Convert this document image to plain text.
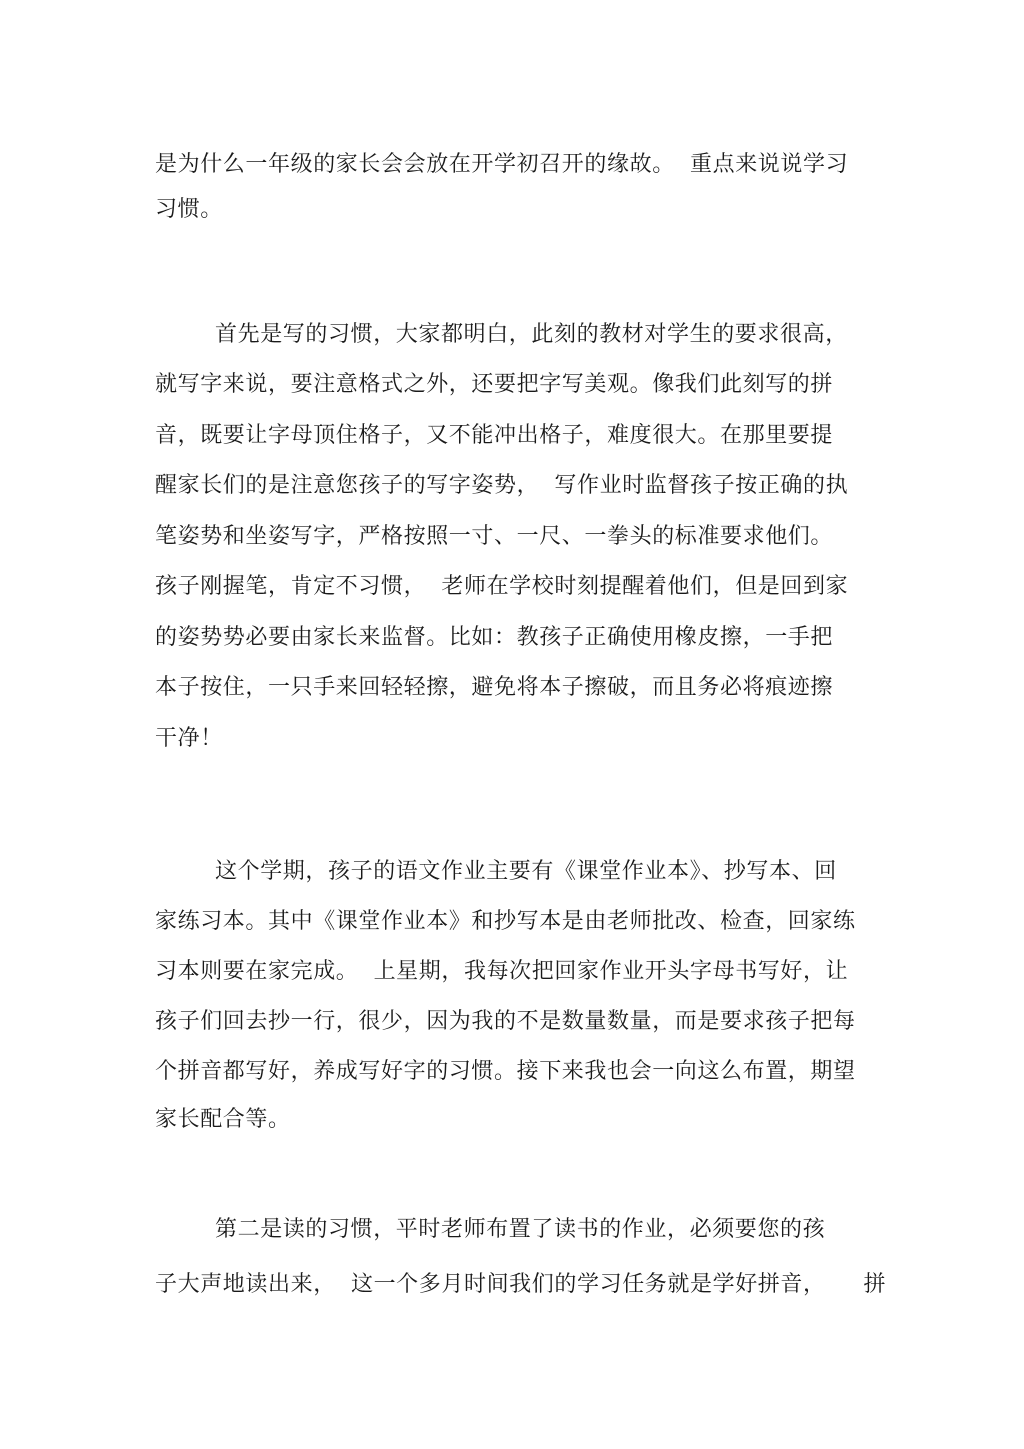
是为什么一年级的家长会会放在开学初召开的缘故。  重点来说说学习
习惯。
首先是写的习惯，大家都明白，此刻的教材对学生的要求很高，
就写字来说，要注意格式之外，还要把字写美观。像我们此刻写的拼
音，既要让字母顶住格子，又不能冲出格子，难度很大。在那里要提
醒家长们的是注意您孩子的写字姿势，  写作业时监督孩子按正确的执
笔姿势和坐姿写字，严格按照一寸、一尺、一拳头的标准要求他们。
孩子刚握笔，肯定不习惯，  老师在学校时刻提醒着他们，但是回到家
的姿势势必要由家长来监督。比如：教孩子正确使用橡皮擦，一手把
本子按住，一只手来回轻轻擦，避免将本子擦破，而且务必将痕迹擦
干净！
这个学期，孩子的语文作业主要有《课堂作业本》、抄写本、回
家练习本。其中《课堂作业本》和抄写本是由老师批改、检查，回家练
习本则要在家完成。  上星期，我每次把回家作业开头字母书写好，让
孩子们回去抄一行，很少，因为我的不是数量数量，而是要求孩子把每
个拼音都写好，养成写好字的习惯。接下来我也会一向这么布置，期望
家长配合等。
第二是读的习惯，平时老师布置了读书的作业，必须要您的孩
子大声地读出来，  这一个多月时间我们的学习任务就是学好拼音，     拼
